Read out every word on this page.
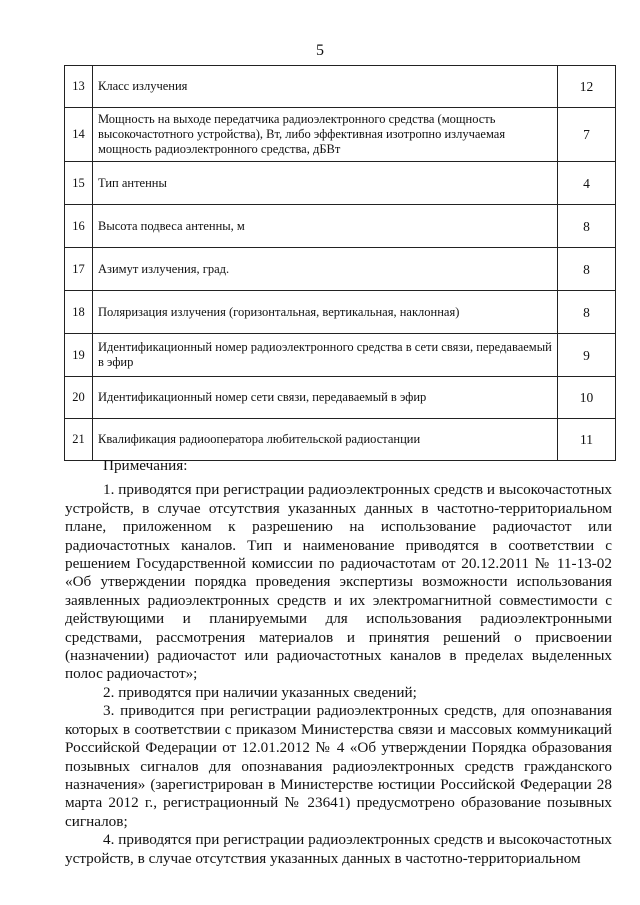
5
13	Класс излучения	12
14	Мощность на выходе передатчика радиоэлектронного средства (мощность высокочастотного устройства), Вт, либо эффективная изотропно излучаемая мощность радиоэлектронного средства, дБВт	7
15	Тип антенны	4
16	Высота подвеса антенны, м	8
17	Азимут излучения, град.	8
18	Поляризация излучения (горизонтальная, вертикальная, наклонная)	8
19	Идентификационный номер радиоэлектронного средства в сети связи, передаваемый в эфир	9
20	Идентификационный номер сети связи, передаваемый в эфир	10
21	Квалификация радиооператора любительской радиостанции	11
Примечания:

1. приводятся при регистрации радиоэлектронных средств и высокочастотных устройств, в случае отсутствия указанных данных в частотно-территориальном плане, приложенном к разрешению на использование радиочастот или радиочастотных каналов. Тип и наименование приводятся в соответствии с решением Государственной комиссии по радиочастотам от 20.12.2011 № 11-13-02 «Об утверждении порядка проведения экспертизы возможности использования заявленных радиоэлектронных средств и их электромагнитной совместимости с действующими и планируемыми для использования радиоэлектронными средствами, рассмотрения материалов и принятия решений о присвоении (назначении) радиочастот или радиочастотных каналов в пределах выделенных полос радиочастот»;

2. приводятся при наличии указанных сведений;

3. приводится при регистрации радиоэлектронных средств, для опознавания которых в соответствии с приказом Министерства связи и массовых коммуникаций Российской Федерации от 12.01.2012 № 4 «Об утверждении Порядка образования позывных сигналов для опознавания радиоэлектронных средств гражданского назначения» (зарегистрирован в Министерстве юстиции Российской Федерации 28 марта 2012 г., регистрационный № 23641) предусмотрено образование позывных сигналов;

4. приводятся при регистрации радиоэлектронных средств и высокочастотных устройств, в случае отсутствия указанных данных в частотно-территориальном
